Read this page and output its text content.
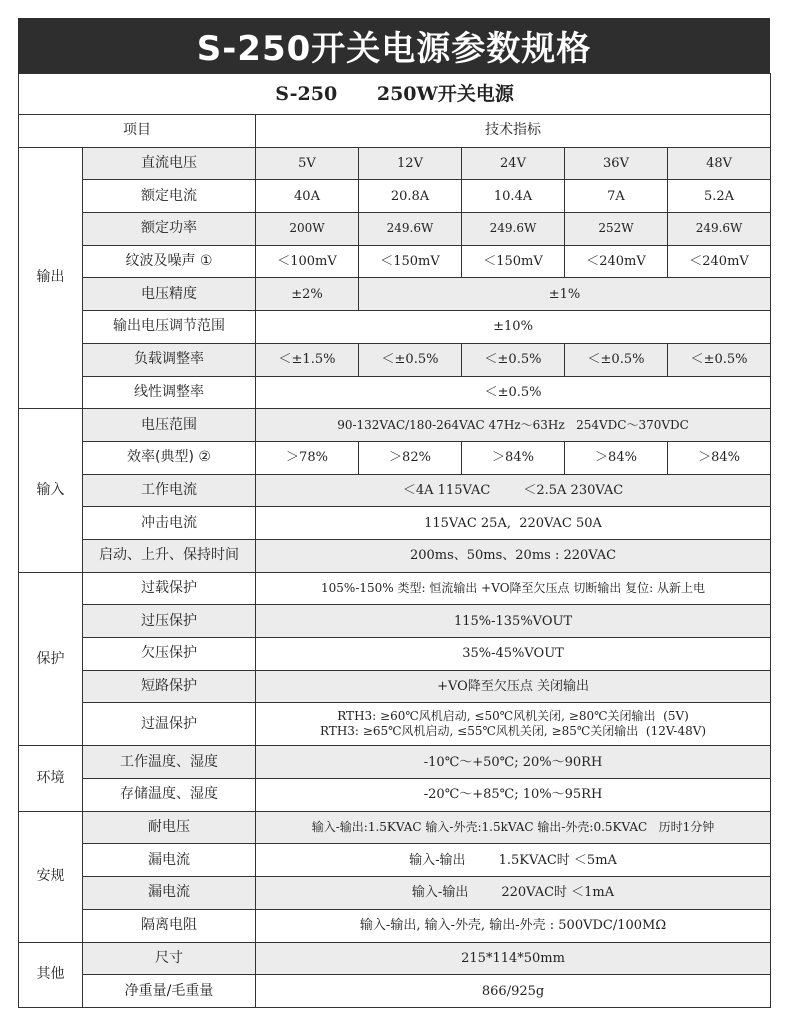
S-250开关电源参数规格
S-250      250W开关电源						
项目		技术指标				
输出	直流电压	5V	12V	24V	36V	48V
	额定电流	40A	20.8A	10.4A	7A	5.2A
	额定功率	200W	249.6W	249.6W	252W	249.6W
	纹波及噪声 ①	＜100mV	＜150mV	＜150mV	＜240mV	＜240mV
	电压精度	±2%	±1%			
	输出电压调节范围	±10%				
	负载调整率	＜±1.5%	＜±0.5%	＜±0.5%	＜±0.5%	＜±0.5%
	线性调整率	＜±0.5%				
输入	电压范围	90-132VAC/180-264VAC 47Hz～63Hz   254VDC～370VDC				
	效率(典型) ②	＞78%	＞82%	＞84%	＞84%	＞84%
	工作电流	＜4A 115VAC        ＜2.5A 230VAC				
	冲击电流	115VAC 25A,  220VAC 50A				
	启动、上升、保持时间	200ms、50ms、20ms : 220VAC				
保护	过载保护	105%-150% 类型: 恒流输出 +VO降至欠压点 切断输出 复位: 从新上电				
	过压保护	115%-135%VOUT				
	欠压保护	35%-45%VOUT				
	短路保护	+VO降至欠压点 关闭输出				
	过温保护	RTH3: ≥60℃风机启动, ≤50℃风机关闭, ≥80℃关闭输出  (5V)
RTH3: ≥65℃风机启动, ≤55℃风机关闭, ≥85℃关闭输出  (12V-48V)				

环境	工作温度、湿度	-10℃～+50℃; 20%～90RH				
	存储温度、湿度	-20℃～+85℃; 10%～95RH				
安规	耐电压	输入-输出:1.5KVAC 输入-外壳:1.5kVAC 输出-外壳:0.5KVAC   历时1分钟				
	漏电流	输入-输出        1.5KVAC时 ＜5mA				
	漏电流	输入-输出        220VAC时 ＜1mA				
	隔离电阻	输入-输出, 输入-外壳, 输出-外壳 : 500VDC/100MΩ				
其他	尺寸	215*114*50mm				
	净重量/毛重量	866/925g				
